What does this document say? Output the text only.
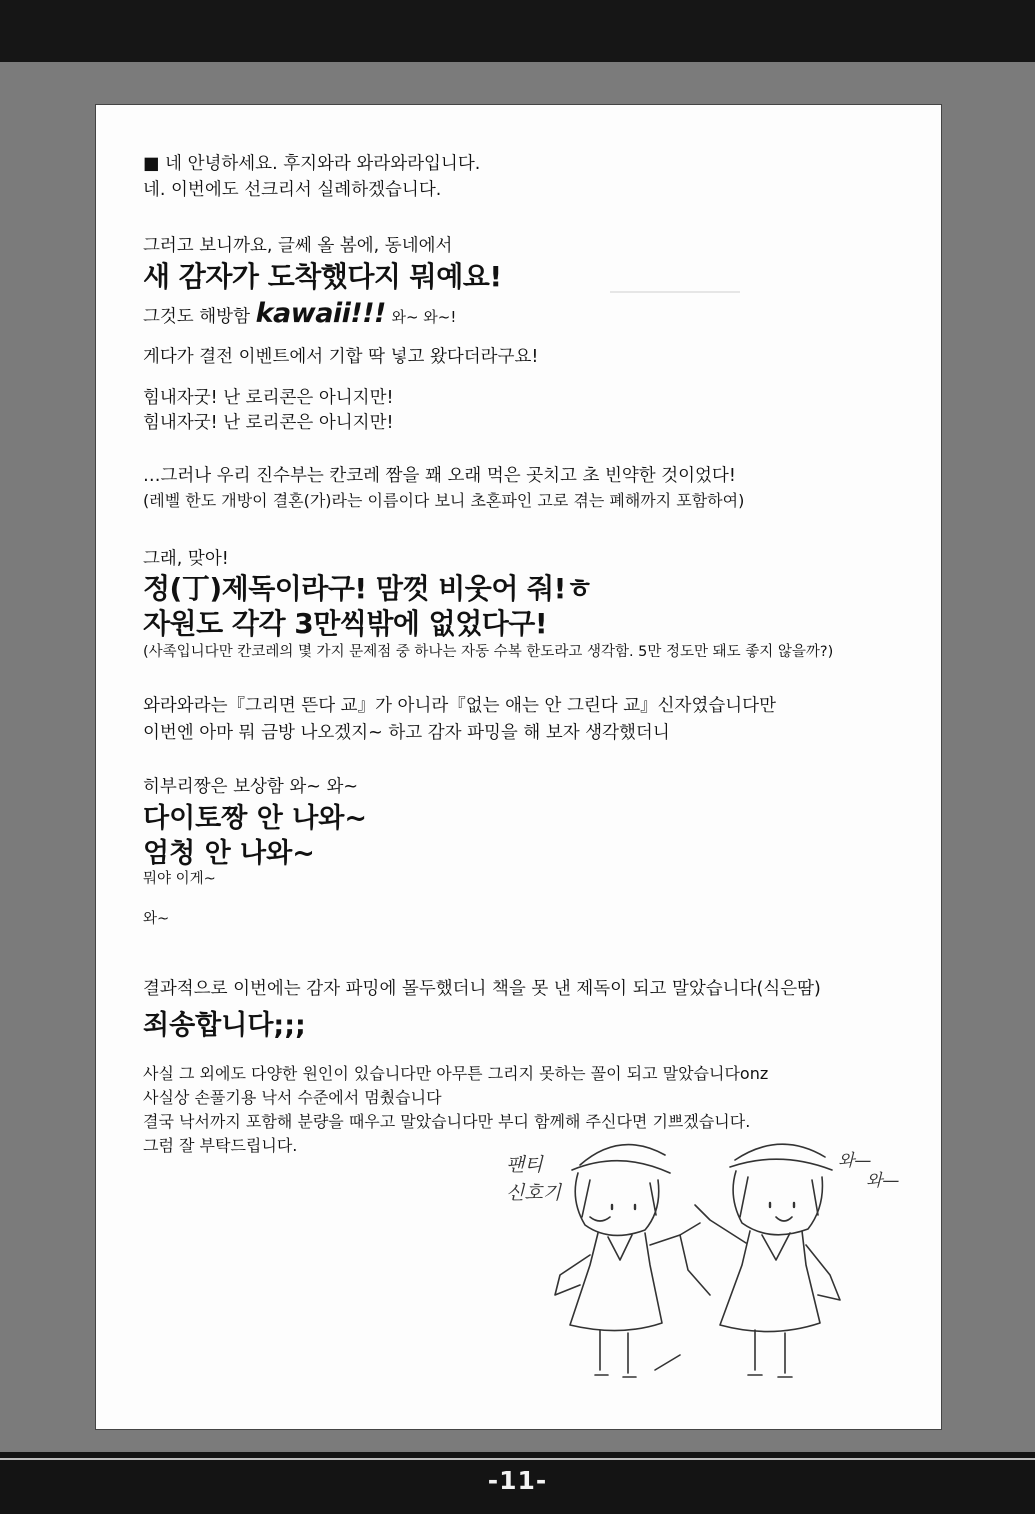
■ 네 안녕하세요. 후지와라 와라와라입니다.

네. 이번에도 선크리서 실례하겠습니다.

그러고 보니까요, 글쎄 올 봄에, 동네에서

새 감자가 도착했다지 뭐예요!

그것도 해방함 kawaii!!! 와~ 와~!

게다가 결전 이벤트에서 기합 딱 넣고 왔다더라구요!

힘내자굿! 난 로리콘은 아니지만!

힘내자굿! 난 로리콘은 아니지만!

…그러나 우리 진수부는 칸코레 짬을 꽤 오래 먹은 곳치고 초 빈약한 것이었다!

(레벨 한도 개방이 결혼(가)라는 이름이다 보니 초혼파인 고로 겪는 폐해까지 포함하여)

그래, 맞아!

정(丁)제독이라구! 맘껏 비웃어 줘!ㅎ

자원도 각각 3만씩밖에 없었다구!

(사족입니다만 칸코레의 몇 가지 문제점 중 하나는 자동 수복 한도라고 생각함. 5만 정도만 돼도 좋지 않을까?)

와라와라는『그리면 뜬다 교』가 아니라『없는 애는 안 그린다 교』신자였습니다만

이번엔 아마 뭐 금방 나오겠지~ 하고 감자 파밍을 해 보자 생각했더니

히부리짱은 보상함 와~ 와~

다이토짱 안 나와~

엄청 안 나와~

뭐야 이게~

와~

결과적으로 이번에는 감자 파밍에 몰두했더니 책을 못 낸 제독이 되고 말았습니다(식은땀)

죄송합니다;;;

사실 그 외에도 다양한 원인이 있습니다만 아무튼 그리지 못하는 꼴이 되고 말았습니다onz

사실상 손풀기용 낙서 수준에서 멈췄습니다

결국 낙서까지 포함해 분량을 때우고 말았습니다만 부디 함께해 주신다면 기쁘겠습니다.

그럼 잘 부탁드립니다.

팬티
신호기
와—
와—
-11-
